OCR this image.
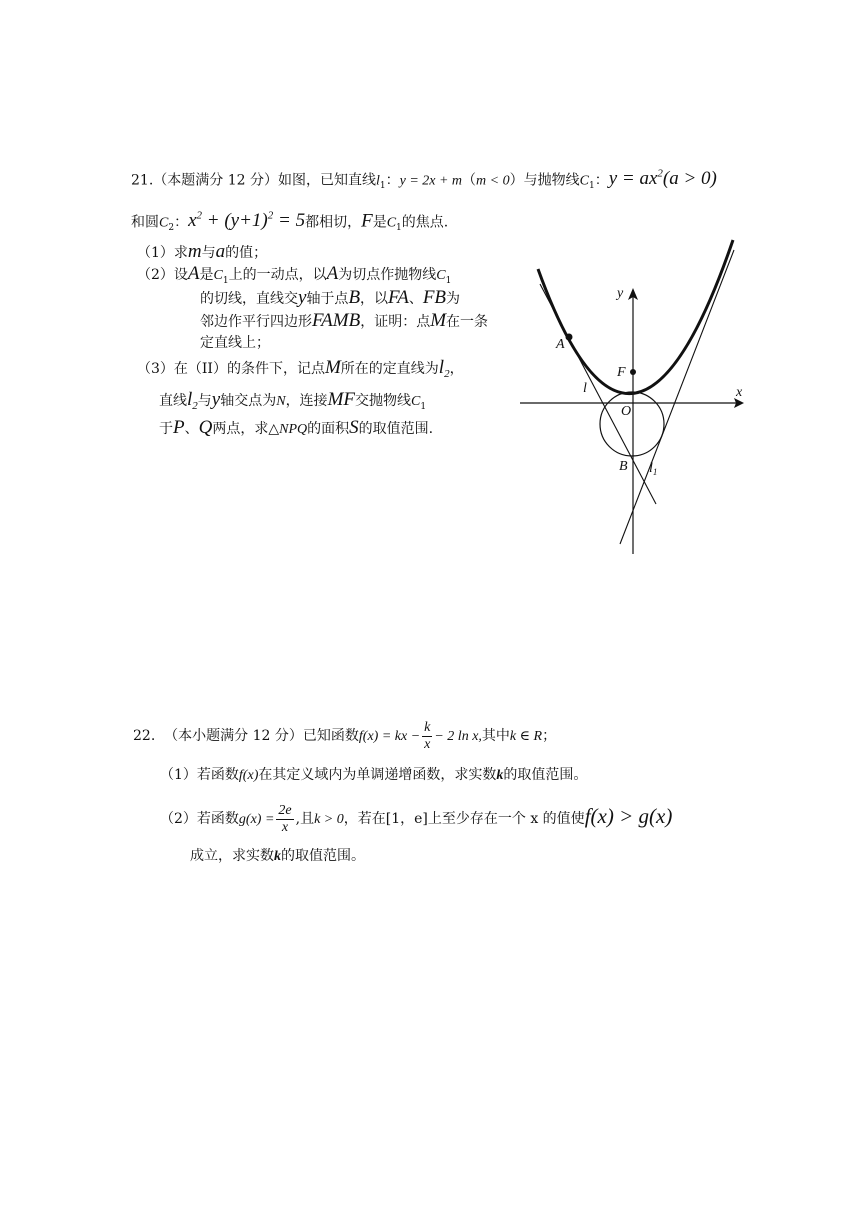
21.（本题满分 12 分）如图，已知直线$l_1$：y = 2x + m（m < 0）与抛物线$C_1$：$y = ax^2(a > 0)$
和圆$C_2$：$x^2 + (y+1)^2 = 5$都相切，F是$C_1$的焦点.
（1）求m与a的值；
（2）设A是$C_1$上的一动点，以A为切点作抛物线$C_1$
的切线，直线交y轴于点B，以FA、FB为
邻边作平行四边形FAMB，证明：点M在一条
定直线上；
（3）在（II）的条件下，记点M所在的定直线为$l_2$，
直线$l_2$与y轴交点为N，连接MF交抛物线$C_1$
于P、Q两点，求△NPQ的面积S的取值范围.
y
x
A
F
l
O
B $l_1$
22. （本小题满分 12 分）已知函数f(x) = kx − $\frac{k}{x} - 2$ ln x,其中k ∈ R；
（1）若函数f(x)在其定义域内为单调递增函数，求实数k的取值范围。
（2）若函数$g(x) = \frac{2e}{x}$ ,且k > 0，若在[1，e]上至少存在一个 x 的值使f(x) > g(x)
成立，求实数k的取值范围。
